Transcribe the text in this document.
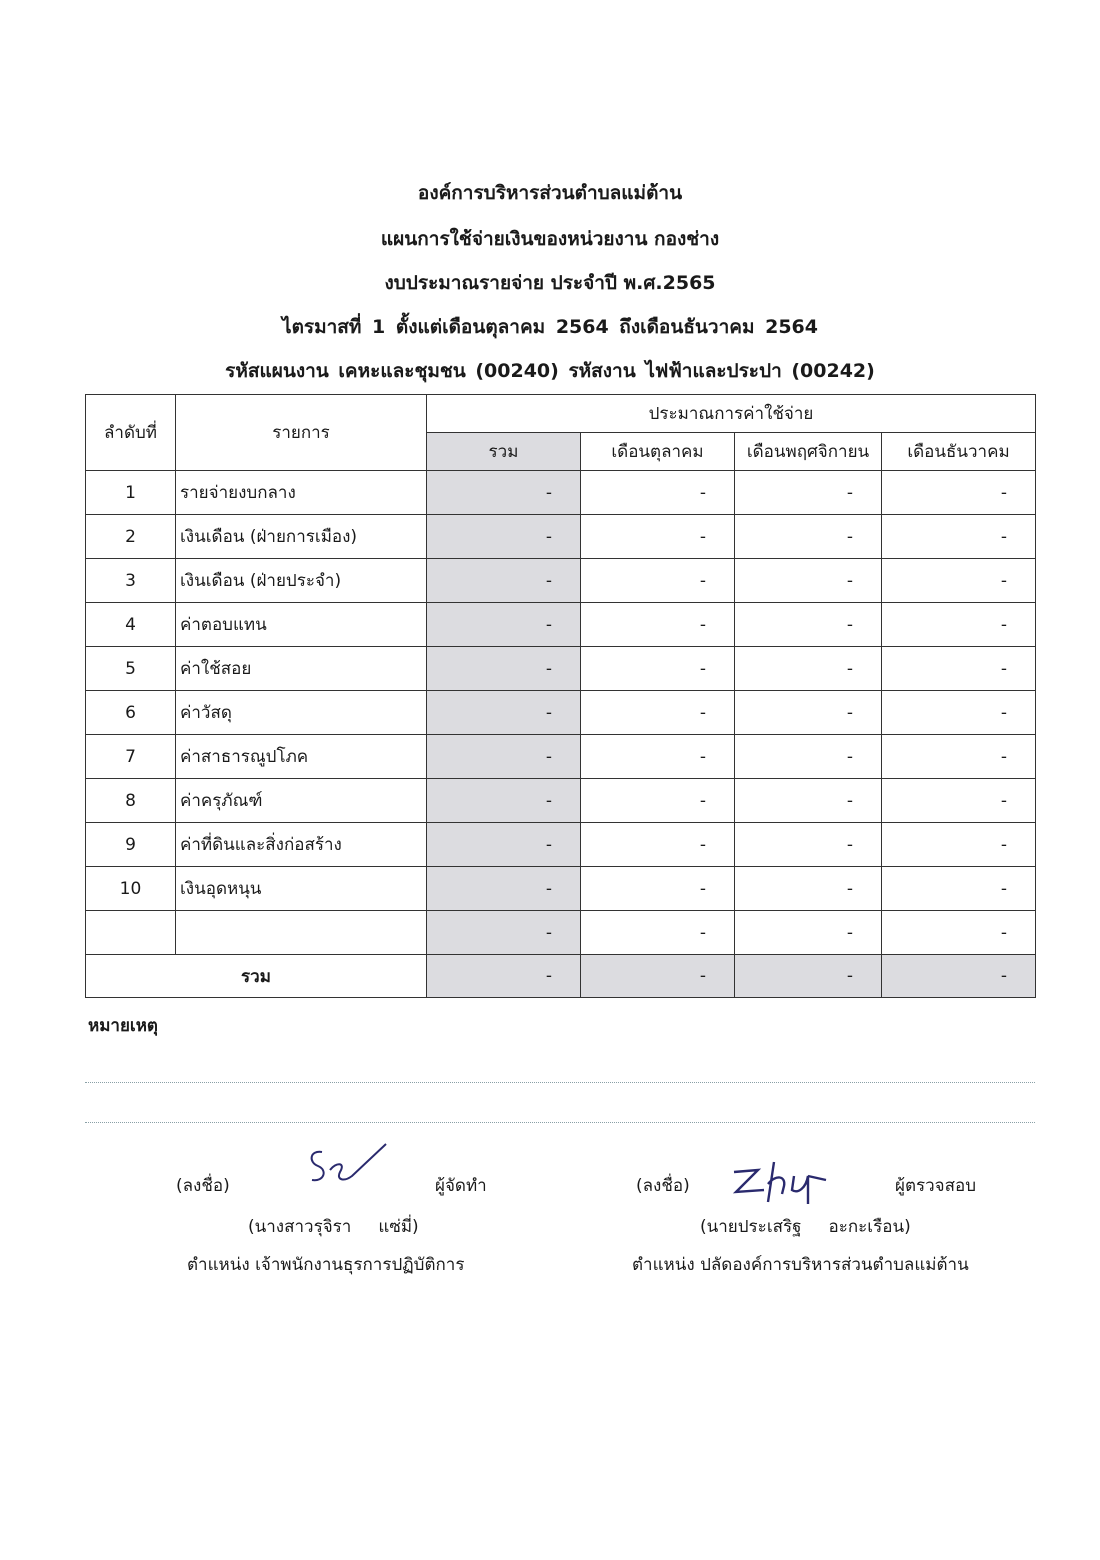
องค์การบริหารส่วนตำบลแม่ต้าน
แผนการใช้จ่ายเงินของหน่วยงาน กองช่าง
งบประมาณรายจ่าย ประจำปี พ.ศ.2565
ไตรมาสที่ 1 ตั้งแต่เดือนตุลาคม 2564 ถึงเดือนธันวาคม 2564
รหัสแผนงาน เคหะและชุมชน (00240) รหัสงาน ไฟฟ้าและประปา (00242)
ลำดับที่	รายการ	ประมาณการค่าใช้จ่าย			
		รวม	เดือนตุลาคม	เดือนพฤศจิกายน	เดือนธันวาคม
1	รายจ่ายงบกลาง	-	-	-	-
2	เงินเดือน (ฝ่ายการเมือง)	-	-	-	-
3	เงินเดือน (ฝ่ายประจำ)	-	-	-	-
4	ค่าตอบแทน	-	-	-	-
5	ค่าใช้สอย	-	-	-	-
6	ค่าวัสดุ	-	-	-	-
7	ค่าสาธารณูปโภค	-	-	-	-
8	ค่าครุภัณฑ์	-	-	-	-
9	ค่าที่ดินและสิ่งก่อสร้าง	-	-	-	-
10	เงินอุดหนุน	-	-	-	-
		-	-	-	-
รวม		-	-	-	-
หมายเหตุ
(ลงชื่อ)	ผู้จัดทำ
(นางสาวรุจิรา     แซ่มี่)
ตำแหน่ง เจ้าพนักงานธุรการปฏิบัติการ
(ลงชื่อ)	ผู้ตรวจสอบ
(นายประเสริฐ     อะกะเรือน)
ตำแหน่ง ปลัดองค์การบริหารส่วนตำบลแม่ต้าน
